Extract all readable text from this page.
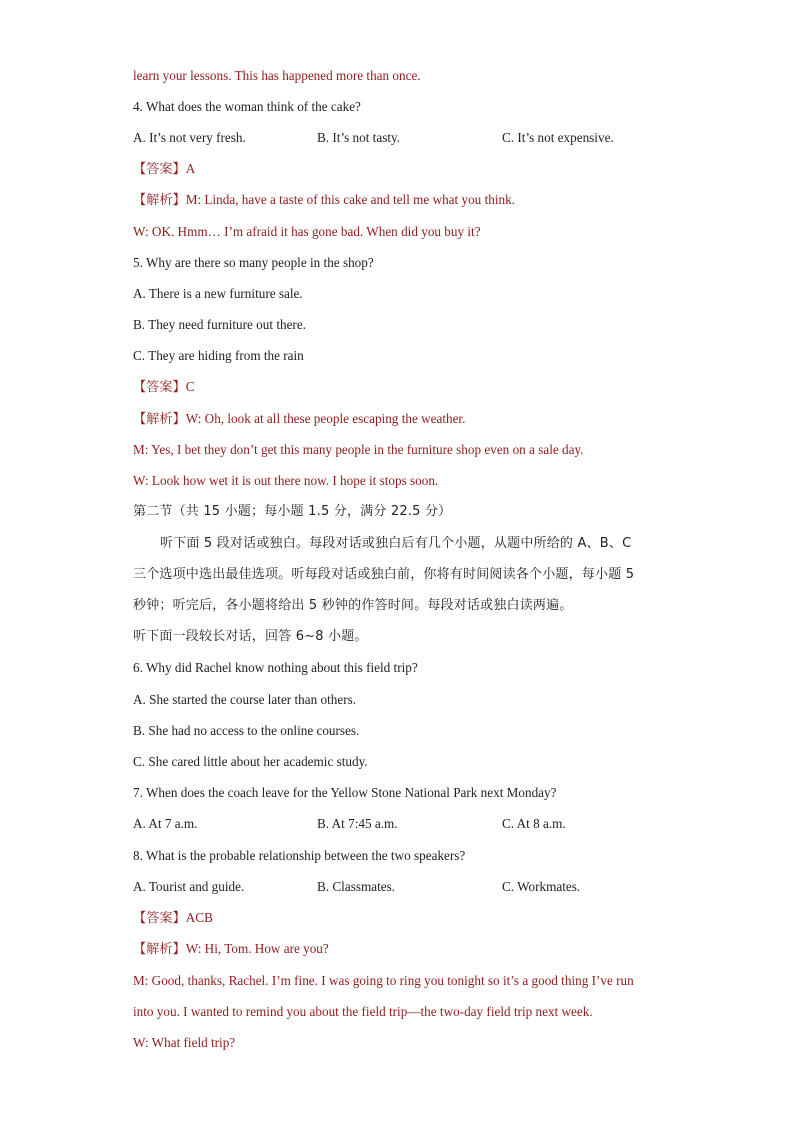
learn your lessons. This has happened more than once.
4. What does the woman think of the cake?
A. It’s not very fresh.	B. It’s not tasty.	C. It’s not expensive.
【答案】A
【解析】M: Linda, have a taste of this cake and tell me what you think.
W: OK. Hmm… I’m afraid it has gone bad. When did you buy it?
5. Why are there so many people in the shop?
A. There is a new furniture sale.
B. They need furniture out there.
C. They are hiding from the rain
【答案】C
【解析】W: Oh, look at all these people escaping the weather.
M: Yes, I bet they don’t get this many people in the furniture shop even on a sale day.
W: Look how wet it is out there now. I hope it stops soon.
第二节（共 15 小题；每小题 1.5 分，满分 22.5 分）
听下面 5 段对话或独白。每段对话或独白后有几个小题，从题中所给的 A、B、C
三个选项中选出最佳选项。听每段对话或独白前，你将有时间阅读各个小题，每小题 5
秒钟；听完后，各小题将给出 5 秒钟的作答时间。每段对话或独白读两遍。
听下面一段较长对话，回答 6~8 小题。
6. Why did Rachel know nothing about this field trip?
A. She started the course later than others.
B. She had no access to the online courses.
C. She cared little about her academic study.
7. When does the coach leave for the Yellow Stone National Park next Monday?
A. At 7 a.m.	B. At 7:45 a.m.	C. At 8 a.m.
8. What is the probable relationship between the two speakers?
A. Tourist and guide.	B. Classmates.	C. Workmates.
【答案】ACB
【解析】W: Hi, Tom. How are you?
M: Good, thanks, Rachel. I’m fine. I was going to ring you tonight so it’s a good thing I’ve run
into you. I wanted to remind you about the field trip—the two-day field trip next week.
W: What field trip?
